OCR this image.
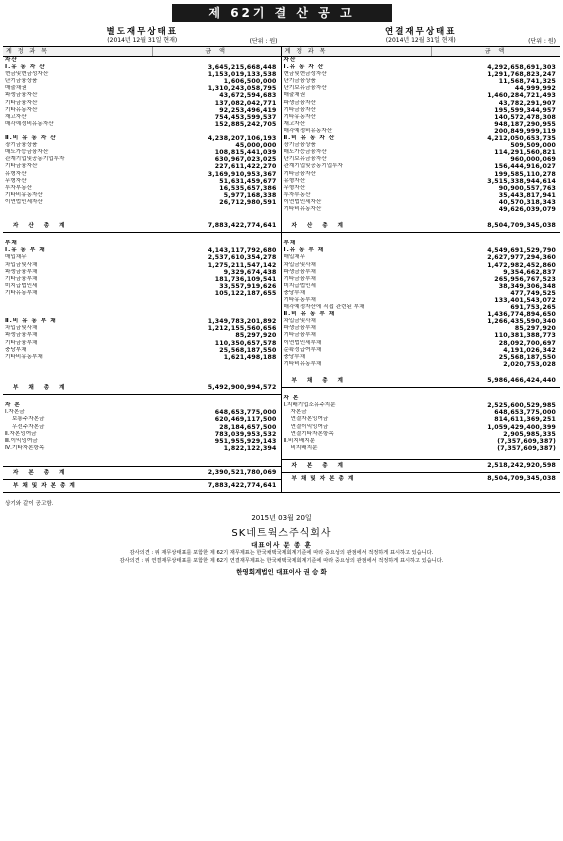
제 62기 결 산 공 고
별도재무상태표
(2014년 12월 31일 현재)	(단위 : 원)
연결재무상태표
(2014년 12월 31일 현재)	(단위 : 원)
계 정 과 목	금 액
자산
Ⅰ.유 동 자 산	3,645,215,668,448
현금및현금성자산	1,153,019,133,538
단기금융상품	1,606,500,000
매출채권	1,310,243,058,795
파생금융자산	43,672,594,683
기타금융자산	137,082,042,771
기타유동자산	92,253,496,419
재고자산	754,453,599,537
매각예정비유동자산	152,885,242,705
Ⅱ.비 유 동 자 산	4,238,207,106,193
장기금융상품	45,000,000
매도가능금융자산	108,815,441,039
관계기업및공동기업투자	630,967,023,025
기타금융자산	227,611,422,270
유형자산	3,169,910,953,367
무형자산	51,631,459,677
투자부동산	16,535,657,386
기타비유동자산	5,977,168,338
이연법인세자산	26,712,980,591
자 산 총 계	7,883,422,774,641
부채
Ⅰ.유 동 부 채	4,143,117,792,680
매입채무	2,537,610,354,278
차입금및사채	1,275,211,547,142
파생금융부채	9,329,674,438
기타금융부채	181,736,109,541
미지급법인세	33,557,919,626
기타유동부채	105,122,187,655
Ⅱ.비 유 동 부 채	1,349,783,201,892
차입금및사채	1,212,155,560,656
파생금융부채	85,297,920
기타금융부채	110,350,657,578
충당부채	25,568,187,550
기타비유동부채	1,621,498,188
부 채 총 계	5,492,900,994,572
자 본
Ⅰ.자본금	648,653,775,000
보통주자본금	620,469,117,500
우선주자본금	28,184,657,500
Ⅱ.자본잉여금	783,039,953,532
Ⅲ.이익잉여금	951,955,929,143
Ⅳ.기타자본항목	1,822,122,394
자 본 총 계	2,390,521,780,069
부채및자본총계	7,883,422,774,641
계 정 과 목	금 액
자산
Ⅰ.유 동 자 산	4,292,658,691,303
현금및현금성자산	1,291,768,823,247
단기금융상품	11,568,741,325
단기보유금융자산	44,999,992
매출채권	1,460,284,721,493
파생금융자산	43,782,291,907
기타금융자산	195,599,344,957
기타유동자산	140,572,478,308
재고자산	948,187,290,955
매각예정비유동자산	200,849,999,119
Ⅱ.비 유 동 자 산	4,212,050,653,735
장기금융상품	509,509,000
매도가능금융자산	114,291,560,821
단기보유금융자산	960,000,069
관계기업및공동기업투자	156,444,916,027
기타금융자산	199,585,110,278
유형자산	3,515,338,944,614
무형자산	90,900,557,763
투자부동산	35,443,817,941
이연법인세자산	40,570,318,343
기타비유동자산	49,626,039,079
자 산 총 계	8,504,709,345,038
부채
Ⅰ.유 동 부 채	4,549,691,529,790
매입채무	2,627,977,294,360
차입금및사채	1,472,982,452,860
파생금융부채	9,354,662,837
기타금융부채	265,956,767,523
미지급법인세	38,349,306,348
충당부채	477,749,525
기타유동부채	133,401,543,072
매각예정자산에 직접 관련된 부채	691,753,265
Ⅱ.비 유 동 부 채	1,436,774,894,650
차입금및사채	1,266,435,590,340
파생금융부채	85,297,920
기타금융부채	110,381,388,773
이연법인세부채	28,092,700,697
순확정급여부채	4,191,026,342
충당부채	25,568,187,550
기타비유동부채	2,020,753,028
부 채 총 계	5,986,466,424,440
자 본
Ⅰ.지배기업소유주지분	2,525,600,529,985
자본금	648,653,775,000
연결자본잉여금	814,611,369,251
연결이익잉여금	1,059,429,400,399
연결기타자본항목	2,905,985,335
Ⅱ.비지배지분	(7,357,609,387)
비지배지분	(7,357,609,387)
자 본 총 계	2,518,242,920,598
부채및자본총계	8,504,709,345,038
상기와 같이 공고함.
2015년 03월 20일
SK네트웍스주식회사
대표이사 문 종 훈
감사의견 : 위 재무상태표를 포함한 제 62기 재무제표는 한국채택국제회계기준에 따라 중요성의 관점에서 적정하게 표시하고 있습니다.
감사의견 : 위 연결재무상태표를 포함한 제 62기 연결재무제표는 한국채택국제회계기준에 따라 중요성의 관점에서 적정하게 표시하고 있습니다.
한영회계법인 대표이사 권 승 화
